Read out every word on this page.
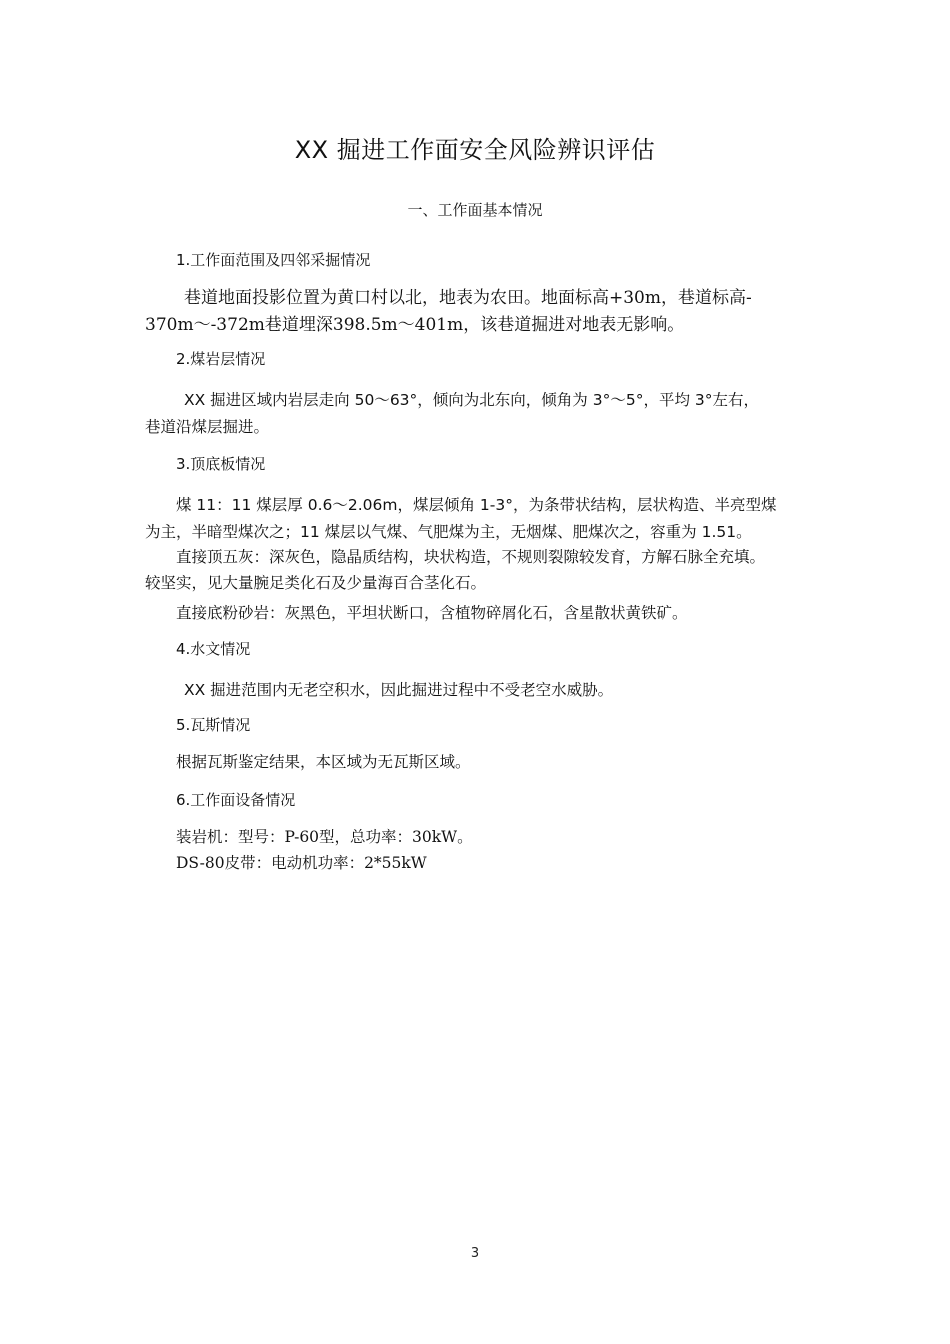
XX 掘进工作面安全风险辨识评估
一、工作面基本情况
1.工作面范围及四邻采掘情况
巷道地面投影位置为黄口村以北，地表为农田。地面标高+30m，巷道标高-
370m～-372m巷道埋深398.5m～401m，该巷道掘进对地表无影响。
2.煤岩层情况
XX 掘进区域内岩层走向 50～63°，倾向为北东向，倾角为 3°～5°，平均 3°左右，
巷道沿煤层掘进。
3.顶底板情况
煤 11：11 煤层厚 0.6～2.06m，煤层倾角 1-3°，为条带状结构，层状构造、半亮型煤
为主，半暗型煤次之；11 煤层以气煤、气肥煤为主，无烟煤、肥煤次之，容重为 1.51。
直接顶五灰：深灰色，隐晶质结构，块状构造，不规则裂隙较发育，方解石脉全充填。
较坚实，见大量腕足类化石及少量海百合茎化石。
直接底粉砂岩：灰黑色，平坦状断口，含植物碎屑化石，含星散状黄铁矿。
4.水文情况
XX 掘进范围内无老空积水，因此掘进过程中不受老空水威胁。
5.瓦斯情况
根据瓦斯鉴定结果，本区域为无瓦斯区域。
6.工作面设备情况
装岩机：型号：P-60型，总功率：30kW。
DS-80皮带：电动机功率：2*55kW
3
